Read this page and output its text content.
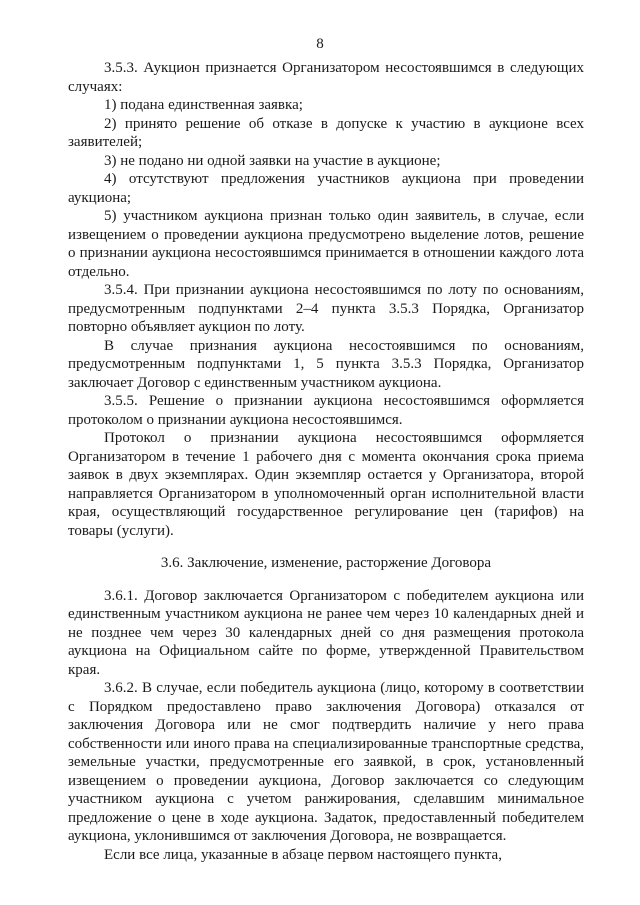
8

3.5.3. Аукцион признается Организатором несостоявшимся в следующих случаях:

1) подана единственная заявка;

2) принято решение об отказе в допуске к участию в аукционе всех заявителей;

3) не подано ни одной заявки на участие в аукционе;

4) отсутствуют предложения участников аукциона при проведении аукциона;

5) участником аукциона признан только один заявитель, в случае, если извещением о проведении аукциона предусмотрено выделение лотов, решение о признании аукциона несостоявшимся принимается в отношении каждого лота отдельно.

3.5.4. При признании аукциона несостоявшимся по лоту по основаниям, предусмотренным подпунктами 2–4 пункта 3.5.3 Порядка, Организатор повторно объявляет аукцион по лоту.

В случае признания аукциона несостоявшимся по основаниям, предусмотренным подпунктами 1, 5 пункта 3.5.3 Порядка, Организатор заключает Договор с единственным участником аукциона.

3.5.5. Решение о признании аукциона несостоявшимся оформляется протоколом о признании аукциона несостоявшимся.

Протокол о признании аукциона несостоявшимся оформляется Организатором в течение 1 рабочего дня с момента окончания срока приема заявок в двух экземплярах. Один экземпляр остается у Организатора, второй направляется Организатором в уполномоченный орган исполнительной власти края, осуществляющий государственное регулирование цен (тарифов) на товары (услуги).

3.6. Заключение, изменение, расторжение Договора

3.6.1. Договор заключается Организатором с победителем аукциона или единственным участником аукциона не ранее чем через 10 календарных дней и не позднее чем через 30 календарных дней со дня размещения протокола аукциона на Официальном сайте по форме, утвержденной Правительством края.

3.6.2. В случае, если победитель аукциона (лицо, которому в соответствии с Порядком предоставлено право заключения Договора) отказался от заключения Договора или не смог подтвердить наличие у него права собственности или иного права на специализированные транспортные средства, земельные участки, предусмотренные его заявкой, в срок, установленный извещением о проведении аукциона, Договор заключается со следующим участником аукциона с учетом ранжирования, сделавшим минимальное предложение о цене в ходе аукциона. Задаток, предоставленный победителем аукциона, уклонившимся от заключения Договора, не возвращается.

Если все лица, указанные в абзаце первом настоящего пункта,
